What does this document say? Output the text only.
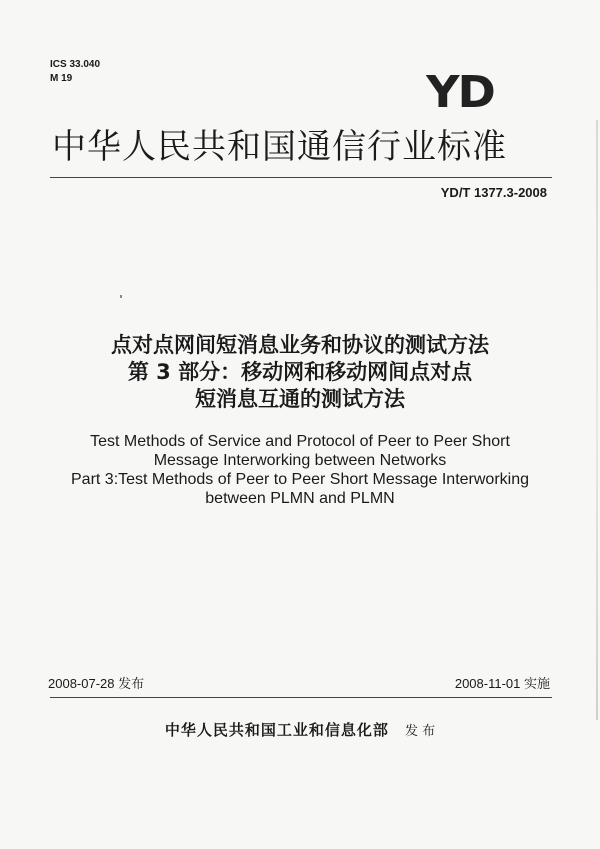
ICS 33.040
M 19	YD
中华人民共和国通信行业标准
YD/T 1377.3-2008
点对点网间短消息业务和协议的测试方法
第 3 部分：移动网和移动网间点对点
短消息互通的测试方法
Test Methods of Service and Protocol of Peer to Peer Short
Message Interworking between Networks
Part 3:Test Methods of Peer to Peer Short Message Interworking
between PLMN and PLMN
2008-07-28 发布	2008-11-01 实施
中华人民共和国工业和信息化部 发 布
